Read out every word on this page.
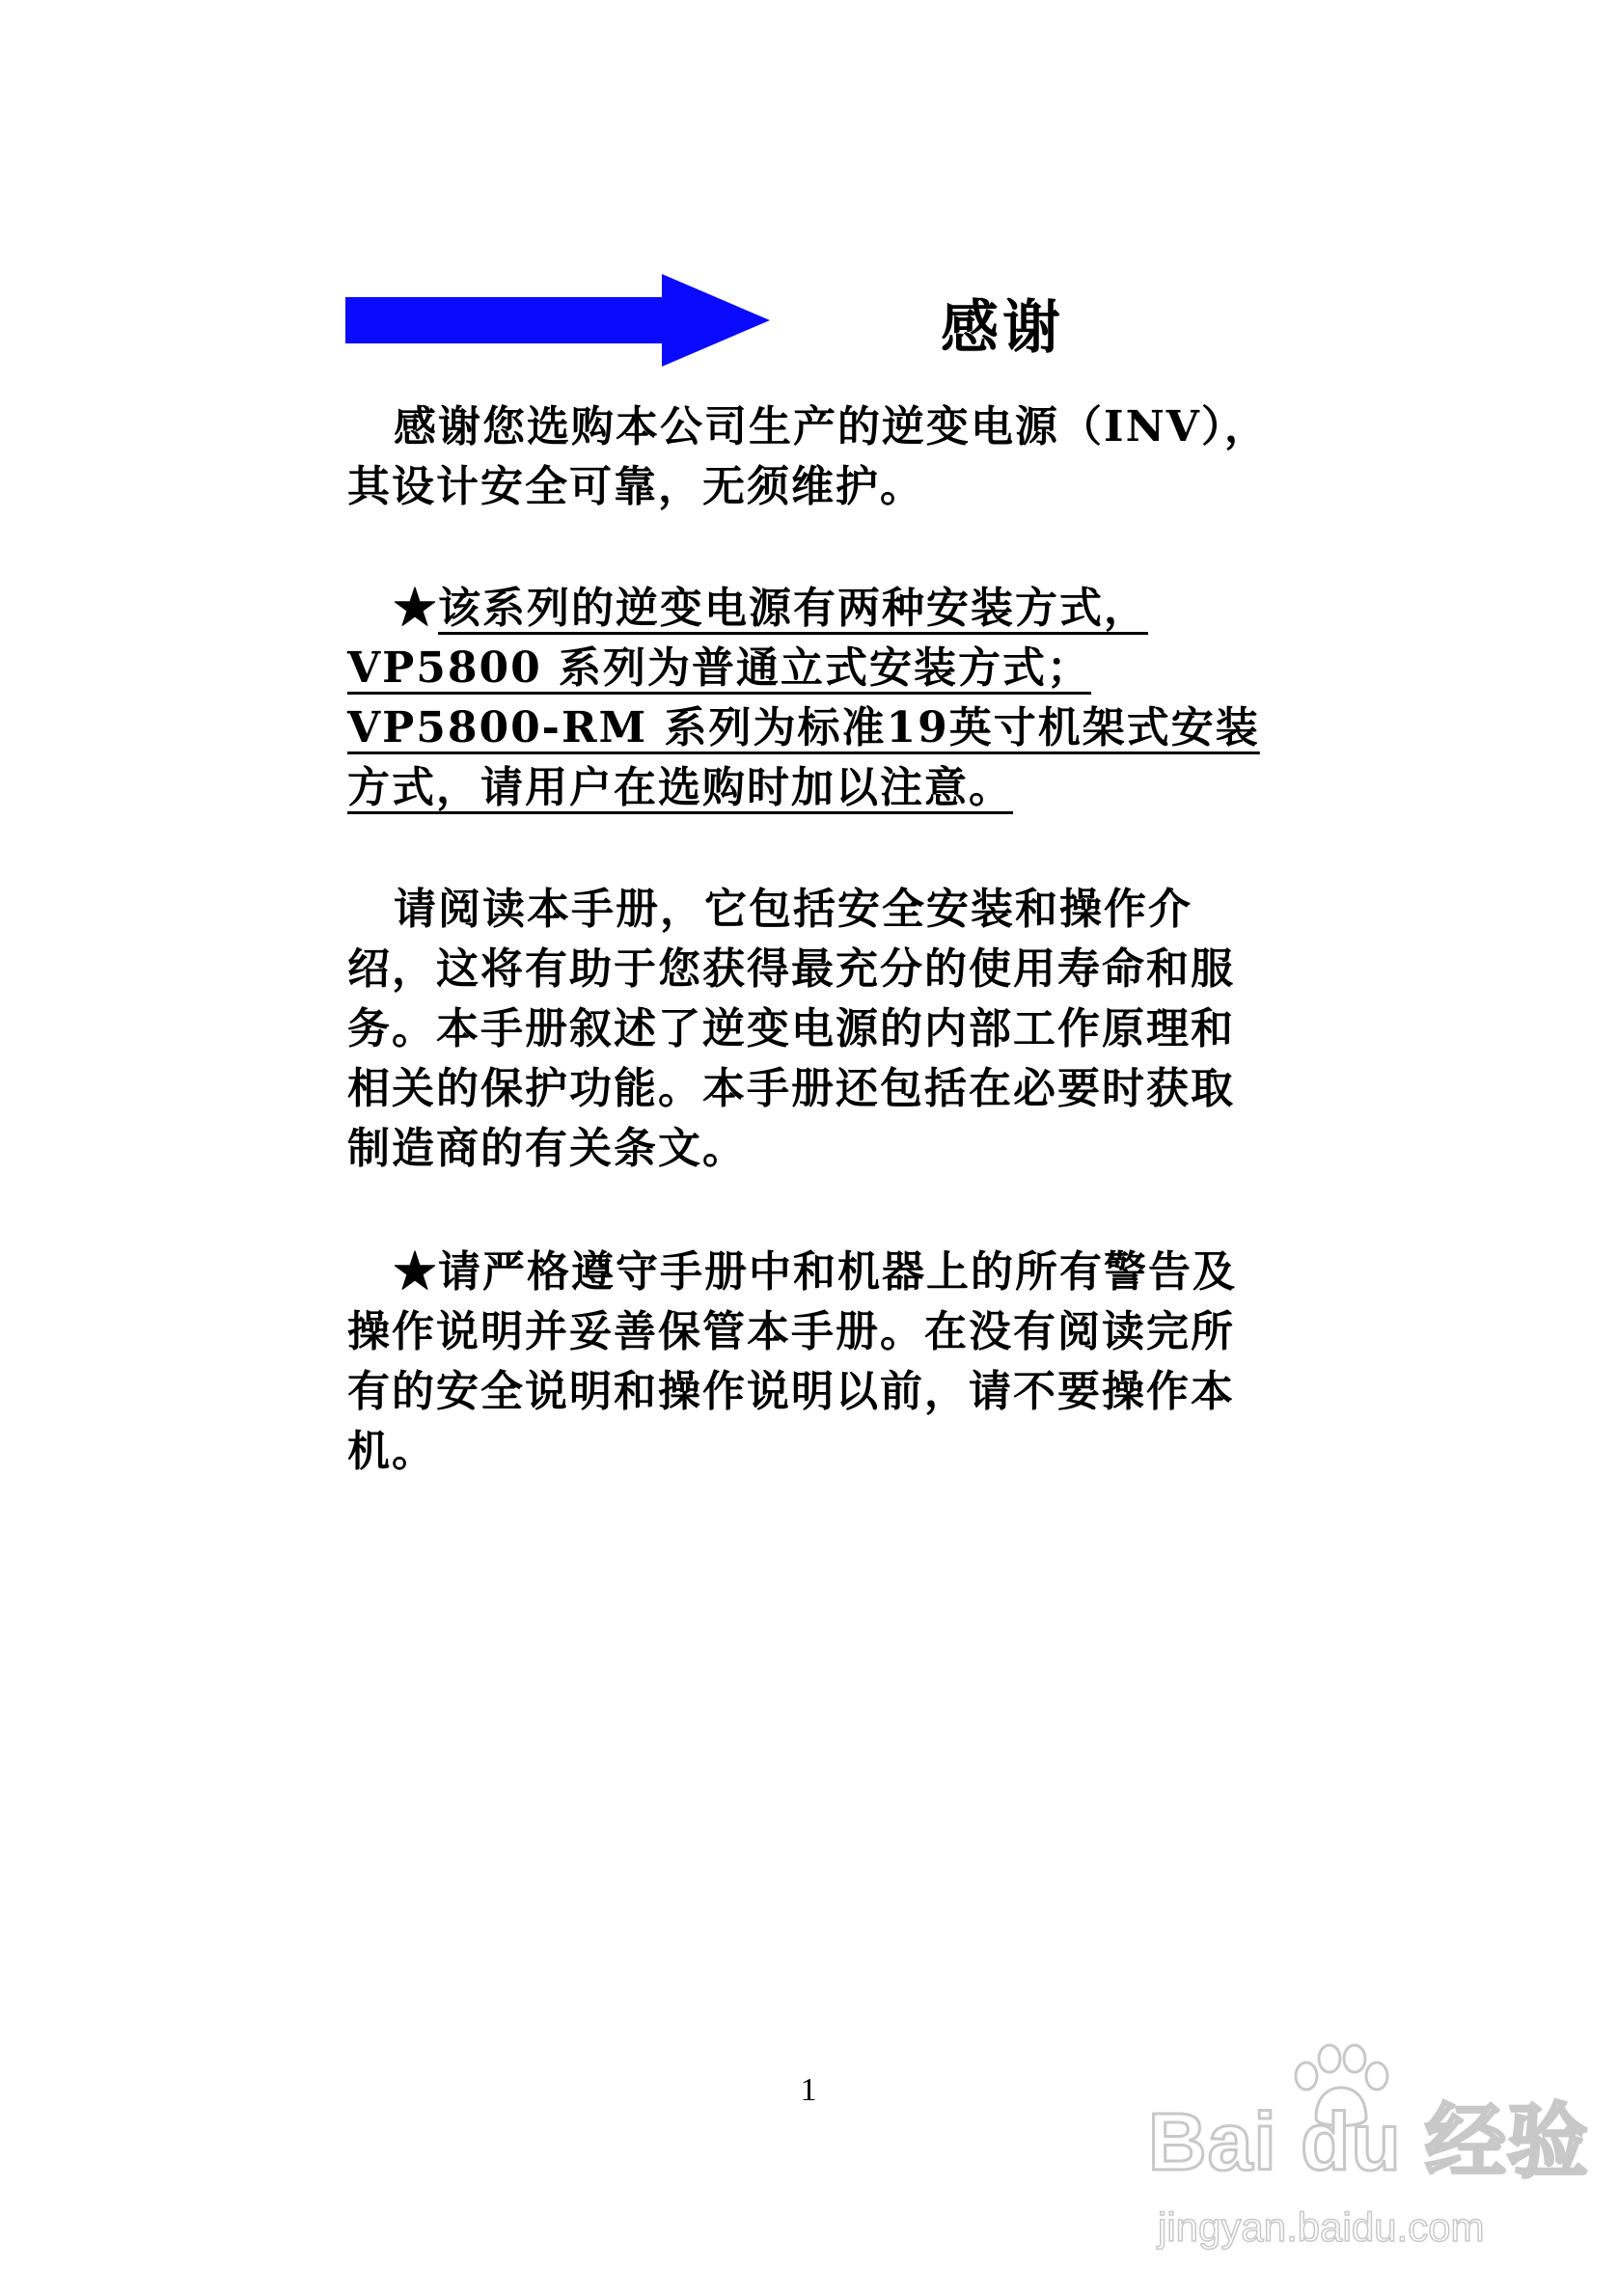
感谢

感谢您选购本公司生产的逆变电源（INV），其设计安全可靠，无须维护。

★该系列的逆变电源有两种安装方式，VP5800 系列为普通立式安装方式；VP5800-RM 系列为标准19英寸机架式安装方式，请用户在选购时加以注意。

请阅读本手册，它包括安全安装和操作介绍，这将有助于您获得最充分的使用寿命和服务。本手册叙述了逆变电源的内部工作原理和相关的保护功能。本手册还包括在必要时获取制造商的有关条文。

★请严格遵守手册中和机器上的所有警告及操作说明并妥善保管本手册。在没有阅读完所有的安全说明和操作说明以前，请不要操作本机。

1

Bai du 经验
jingyan.baidu.com
